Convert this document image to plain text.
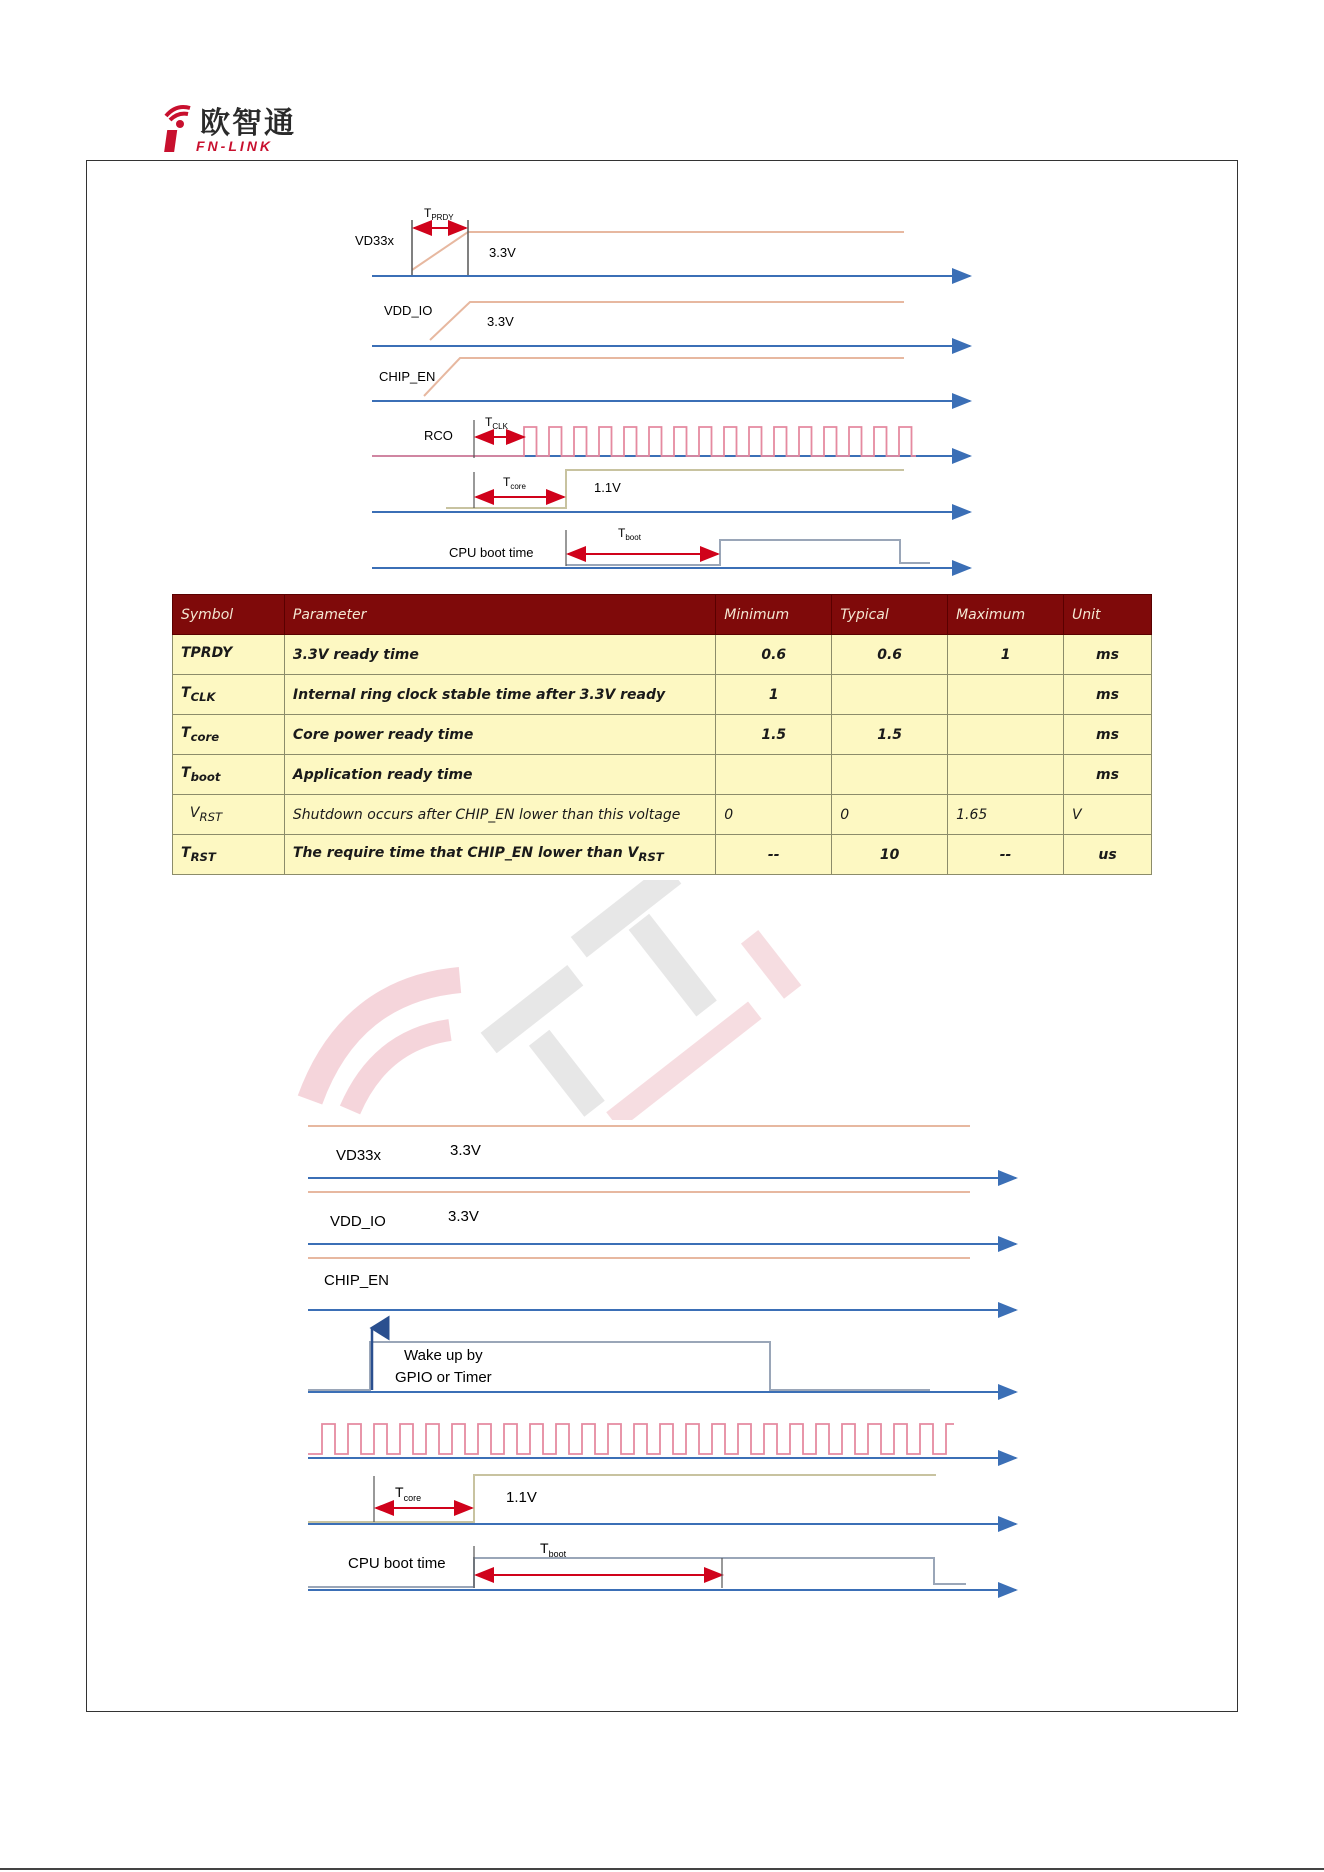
欧智通
FN-LINK
$T_{PRDY}$
VD33x
3.3V
VDD_IO
3.3V
CHIP_EN
$T_{CLK}$
RCO
$T_{core}$	1.1V
$T_{boot}$
CPU boot time
Symbol	Parameter	Minimum	Typical	Maximum	Unit
TPRDY	3.3V ready time	0.6	0.6	1	ms
$T_{CLK}$	Internal ring clock stable time after 3.3V ready	1			ms
$T_{core}$	Core power ready time	1.5	1.5		ms
$T_{boot}$	Application ready time				ms
$V_{RST}$	Shutdown occurs after CHIP_EN lower than this voltage	0	0	1.65	V
$T_{RST}$	The require time that CHIP_EN lower than $V_{RST}$	--	10	--	us
VD33x	3.3V
VDD_IO	3.3V
CHIP_EN
Wake up by
GPIO or Timer
$T_{core}$	1.1V
$T_{boot}$
CPU boot time
